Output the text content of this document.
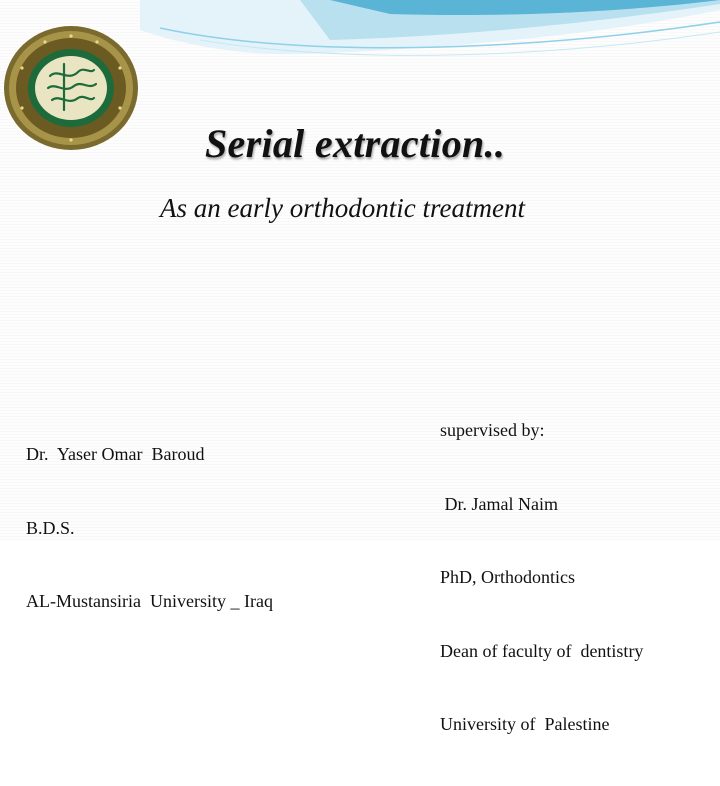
Serial extraction..
As an early orthodontic treatment

Dr.  Yaser Omar  Baroud

B.D.S.

AL-Mustansiria  University _ Iraq

supervised by:

Dr. Jamal Naim

PhD, Orthodontics

Dean of faculty of  dentistry

University of  Palestine
